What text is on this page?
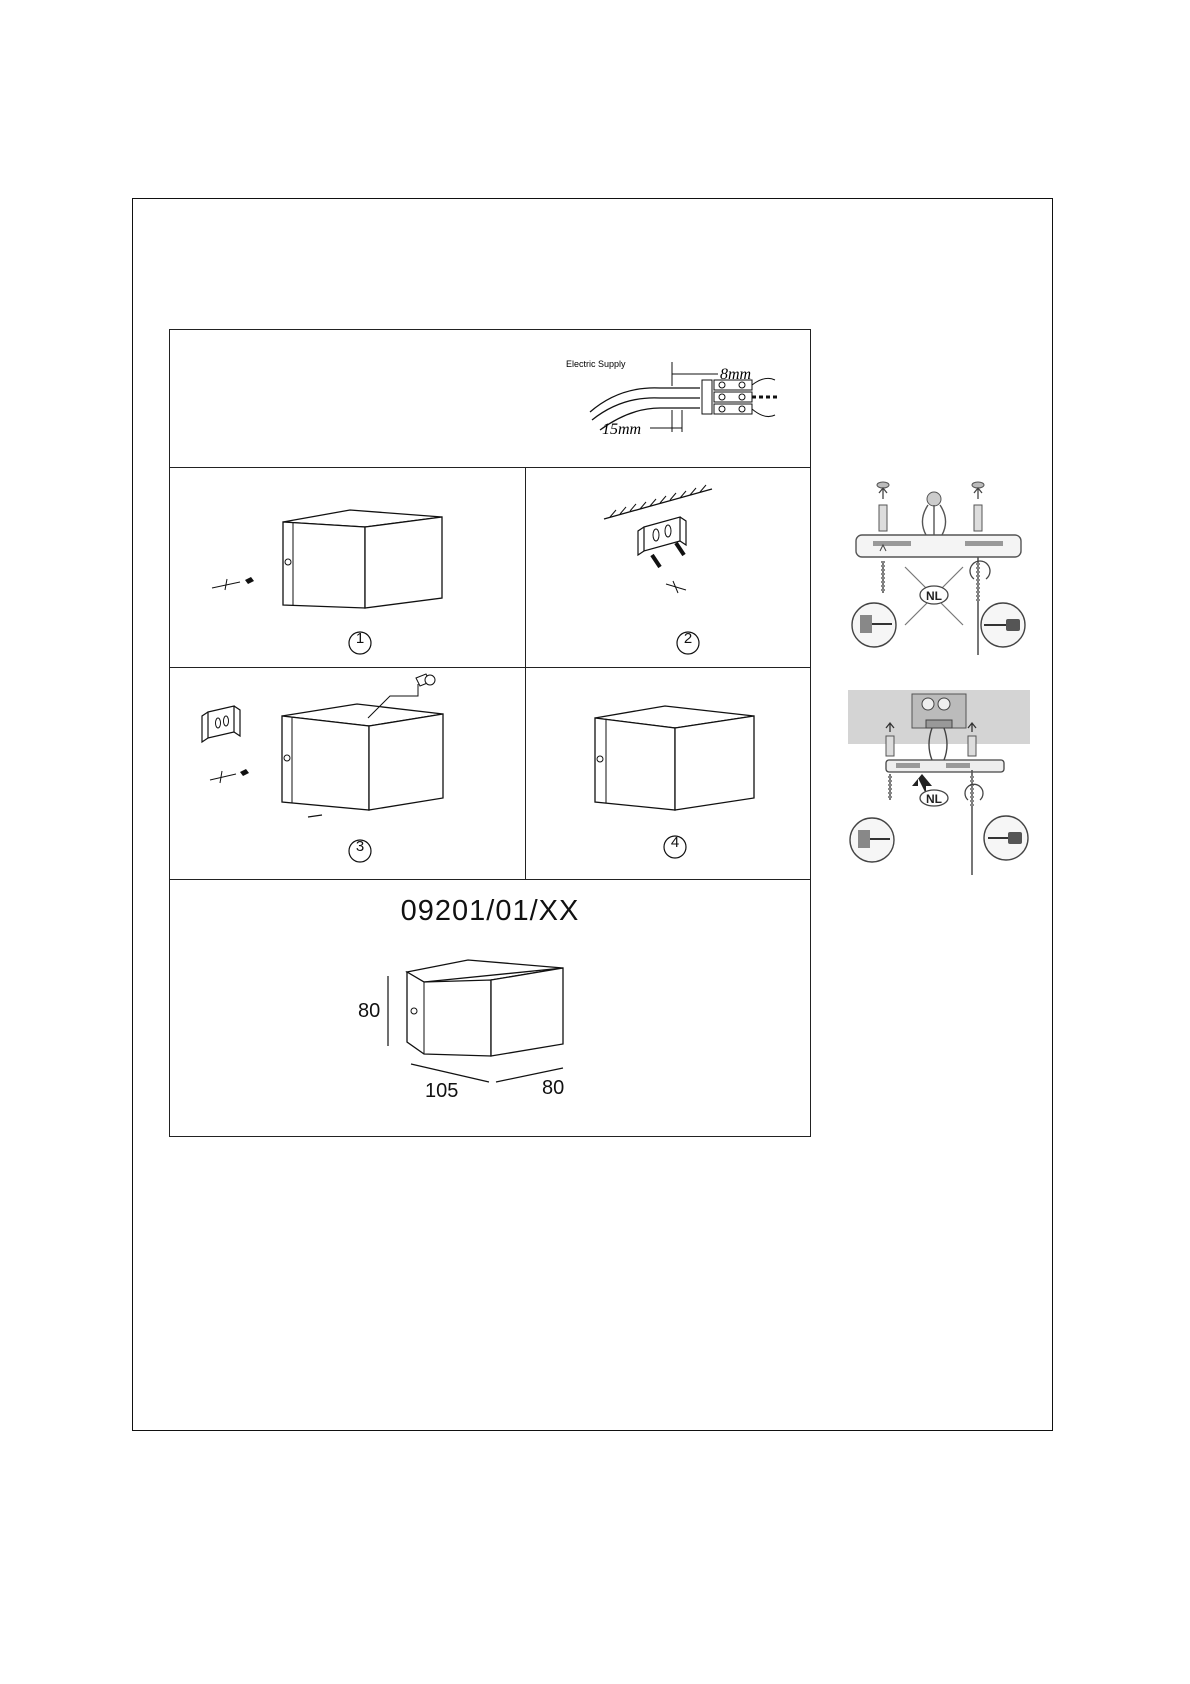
Electric Supply
8mm
15mm
1	2
3	4
09201/01/XX
80
105	80
NL
NL
